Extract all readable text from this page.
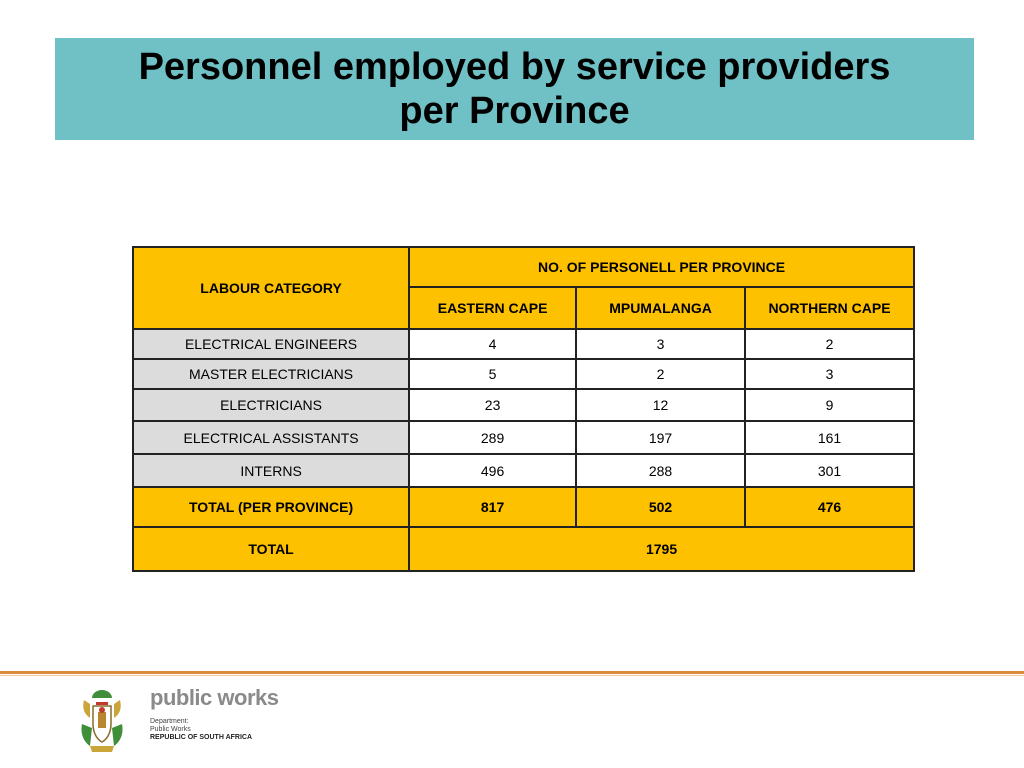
Personnel employed by service providers per Province
LABOUR CATEGORY	NO. OF PERSONELL PER PROVINCE		
	EASTERN CAPE	MPUMALANGA	NORTHERN CAPE
ELECTRICAL ENGINEERS	4	3	2
MASTER ELECTRICIANS	5	2	3
ELECTRICIANS	23	12	9
ELECTRICAL ASSISTANTS	289	197	161
INTERNS	496	288	301
TOTAL (PER PROVINCE)	817	502	476
TOTAL	1795		
public works
Department:
Public Works
REPUBLIC OF SOUTH AFRICA
